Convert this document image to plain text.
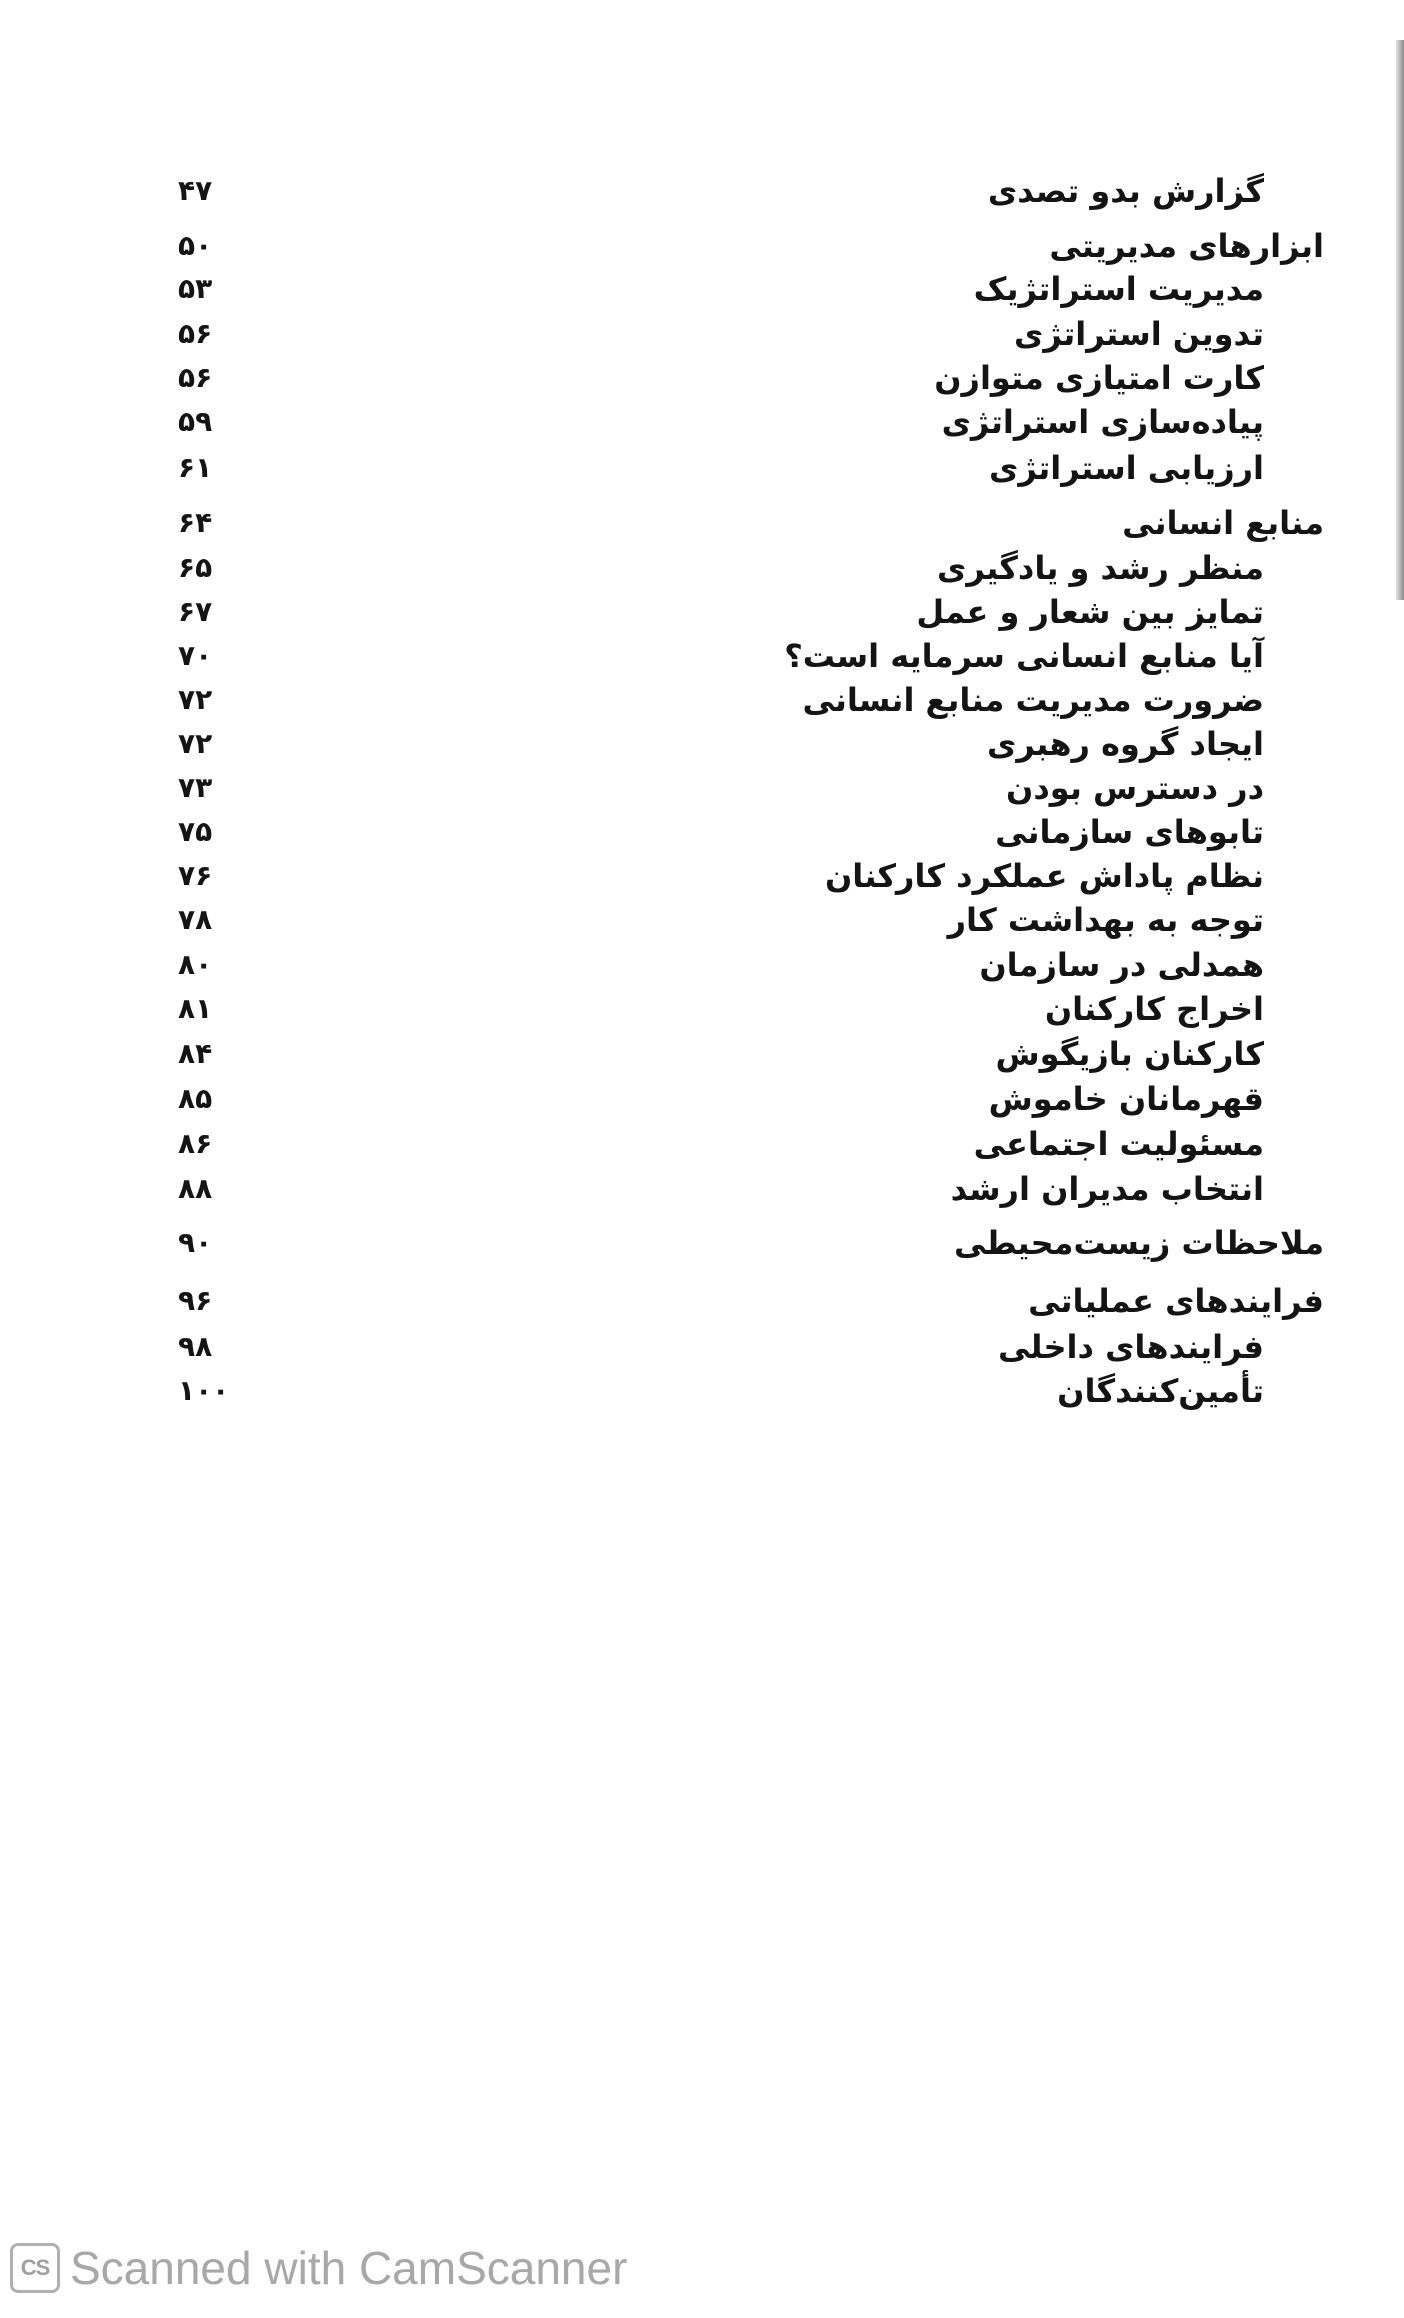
گزارش بدو تصدی
۴۷
ابزارهای مدیریتی
۵۰
مدیریت استراتژیک
۵۳
تدوین استراتژی
۵۶
کارت امتیازی متوازن
۵۶
پیاده‌سازی استراتژی
۵۹
ارزیابی استراتژی
۶۱
منابع انسانی
۶۴
منظر رشد و یادگیری
۶۵
تمایز بین شعار و عمل
۶۷
آیا منابع انسانی سرمایه است؟
۷۰
ضرورت مدیریت منابع انسانی
۷۲
ایجاد گروه رهبری
۷۲
در دسترس بودن
۷۳
تابوهای سازمانی
۷۵
نظام پاداش عملکرد کارکنان
۷۶
توجه به بهداشت کار
۷۸
همدلی در سازمان
۸۰
اخراج کارکنان
۸۱
کارکنان بازیگوش
۸۴
قهرمانان خاموش
۸۵
مسئولیت اجتماعی
۸۶
انتخاب مدیران ارشد
۸۸
ملاحظات زیست‌محیطی
۹۰
فرایندهای عملیاتی
۹۶
فرایندهای داخلی
۹۸
تأمین‌کنندگان
۱۰۰
CS Scanned with CamScanner
